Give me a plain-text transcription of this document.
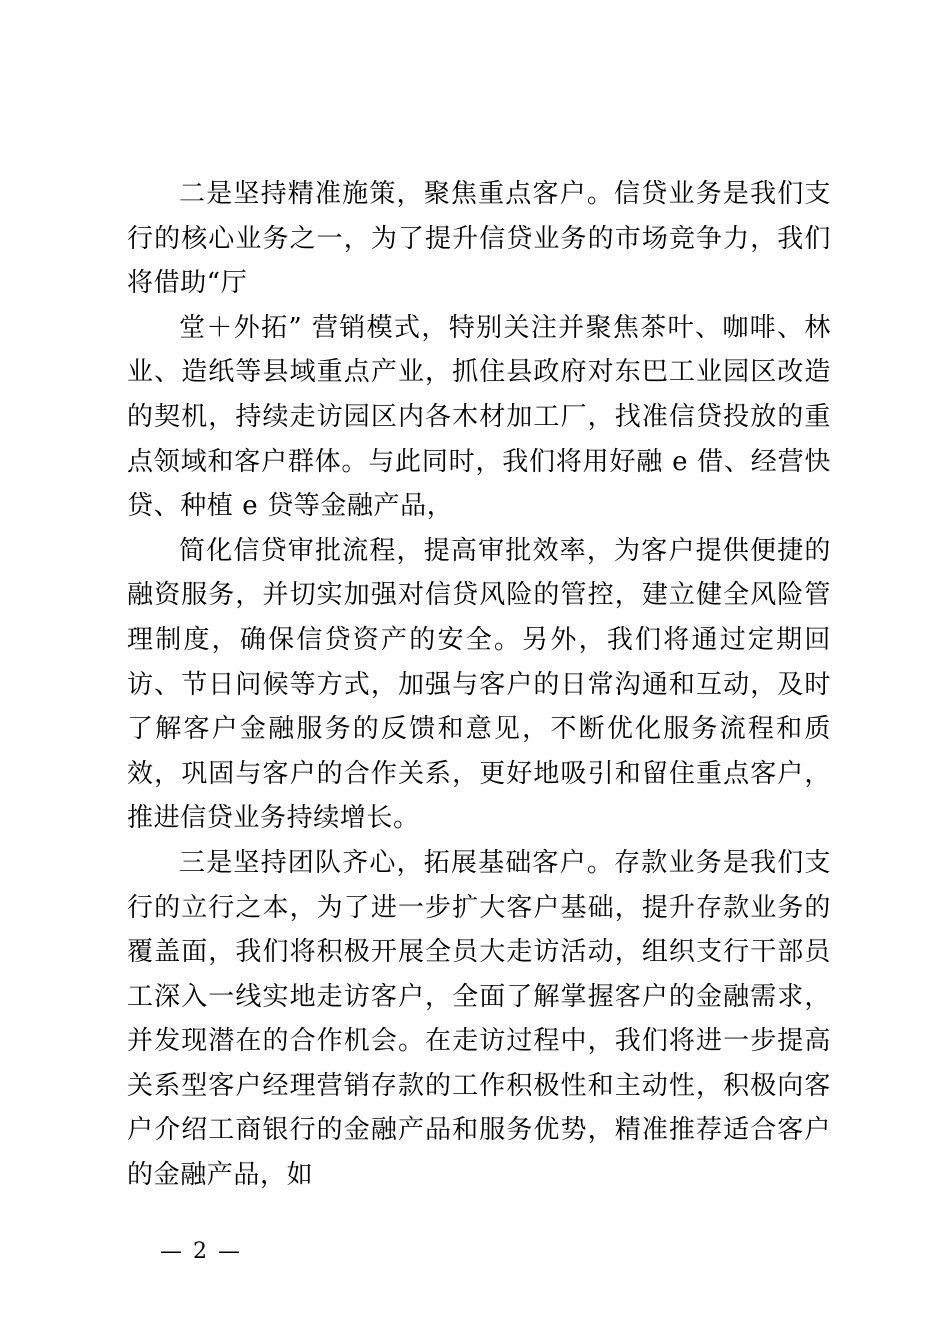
二是坚持精准施策，聚焦重点客户。信贷业务是我们支行的核心业务之一，为了提升信贷业务的市场竞争力，我们将借助“厅

堂＋外拓” 营销模式，特别关注并聚焦茶叶、咖啡、林业、造纸等县域重点产业，抓住县政府对东巴工业园区改造的契机，持续走访园区内各木材加工厂，找准信贷投放的重点领域和客户群体。与此同时，我们将用好融 e 借、经营快贷、种植 e 贷等金融产品，

简化信贷审批流程，提高审批效率，为客户提供便捷的融资服务，并切实加强对信贷风险的管控，建立健全风险管理制度，确保信贷资产的安全。另外，我们将通过定期回访、节日问候等方式，加强与客户的日常沟通和互动，及时了解客户金融服务的反馈和意见，不断优化服务流程和质效，巩固与客户的合作关系，更好地吸引和留住重点客户，推进信贷业务持续增长。

三是坚持团队齐心，拓展基础客户。存款业务是我们支行的立行之本，为了进一步扩大客户基础，提升存款业务的覆盖面，我们将积极开展全员大走访活动，组织支行干部员工深入一线实地走访客户，全面了解掌握客户的金融需求，并发现潜在的合作机会。在走访过程中，我们将进一步提高关系型客户经理营销存款的工作积极性和主动性，积极向客户介绍工商银行的金融产品和服务优势，精准推荐适合客户的金融产品，如

— 2 —
